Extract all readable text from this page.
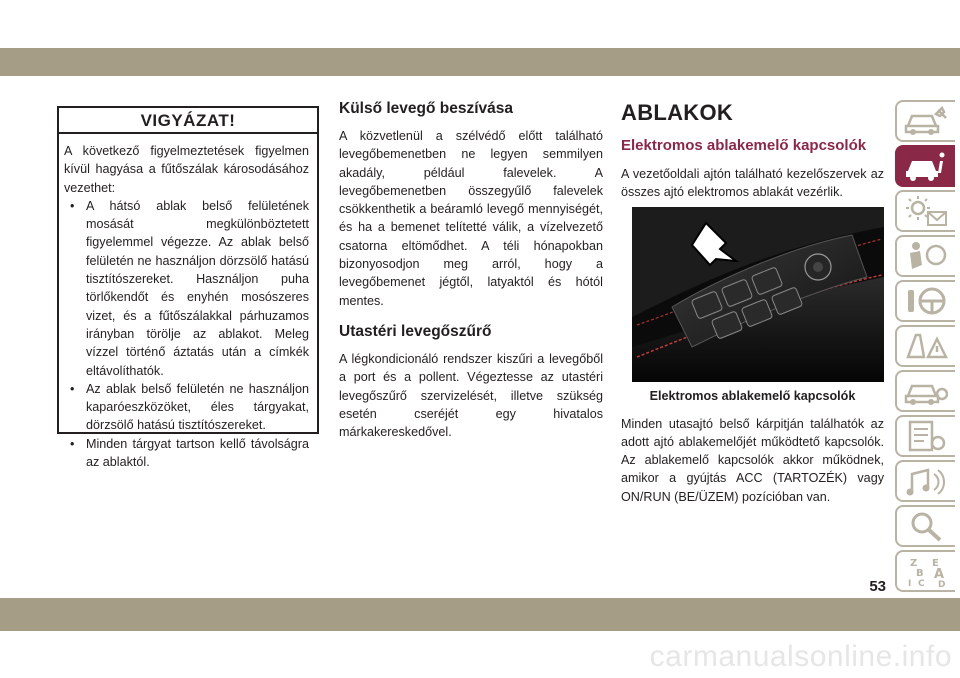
VIGYÁZAT!

A következő figyelmeztetések figyelmen kívül hagyása a fűtőszálak károsodásához vezethet:

• A hátsó ablak belső felületének mosását megkülönböztetett figyelemmel végezze. Az ablak belső felületén ne használjon dörzsölő hatású tisztítószereket. Használjon puha törlőkendőt és enyhén mosószeres vizet, és a fűtőszálakkal párhuzamos irányban törölje az ablakot. Meleg vízzel történő áztatás után a címkék eltávolíthatók.
• Az ablak belső felületén ne használjon kaparóeszközöket, éles tárgyakat, dörzsölő hatású tisztítószereket.
• Minden tárgyat tartson kellő távolságra az ablaktól.
Külső levegő beszívása

A közvetlenül a szélvédő előtt található levegőbemenetben ne legyen semmilyen akadály, például falevelek. A levegőbemenetben összegyűlő falevelek csökkenthetik a beáramló levegő mennyiségét, és ha a bemenet telítetté válik, a vízelvezető csatorna eltömődhet. A téli hónapokban bizonyosodjon meg arról, hogy a levegőbemenet jégtől, latyaktól és hótól mentes.

Utastéri levegőszűrő

A légkondicionáló rendszer kiszűri a levegőből a port és a pollent. Végeztesse az utastéri levegőszűrő szervizelését, illetve szükség esetén cseréjét egy hivatalos márkakereskedővel.

ABLAKOK
Elektromos ablakemelő kapcsolók

A vezetőoldali ajtón található kezelőszervek az összes ajtó elektromos ablakát vezérlik.

Elektromos ablakemelő kapcsolók

Minden utasajtó belső kárpitján találhatók az adott ajtó ablakemelőjét működtető kapcsolók. Az ablakemelő kapcsolók akkor működnek, amikor a gyújtás ACC (TARTOZÉK) vagy ON/RUN (BE/ÜZEM) pozícióban van.

Z E
B A
I C D
53
carmanualsonline.info
